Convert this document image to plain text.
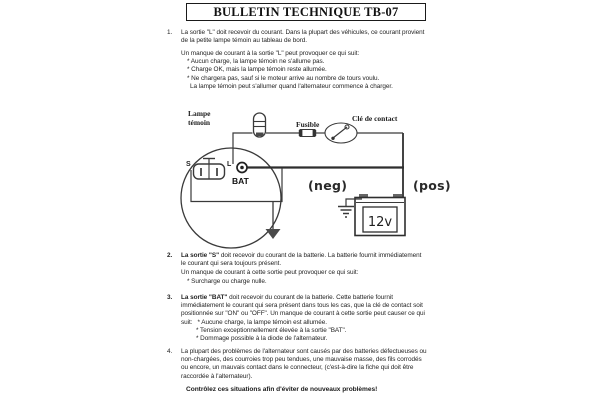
BULLETIN TECHNIQUE TB-07
1. La sortie "L" doit recevoir du courant. Dans la plupart des véhicules, ce courant provient
de la petite lampe témoin au tableau de bord.
Un manque de courant à la sortie "L" peut provoquer ce qui suit:
* Aucun charge, la lampe témoin ne s'allume pas.
* Charge OK, mais la lampe témoin reste allumée.
* Ne chargera pas, sauf si le moteur arrive au nombre de tours voulu.
La lampe témoin peut s'allumer quand l'alternateur commence à charger.
S	L
Lampe
témoin	Fusible
Clé de contact
BAT
12v
(neg)	(pos)
2. La sortie "S" doit recevoir du courant de la batterie. La batterie fournit immédiatement
le courant qui sera toujours présent.
Un manque de courant à cette sortie peut provoquer ce qui suit:
* Surcharge ou charge nulle.
3. La sortie "BAT" doit recevoir du courant de la batterie. Cette batterie fournit
immédiatement le courant qui sera présent dans tous les cas, que la clé de contact soit
positionnée sur "ON" ou "OFF". Un manque de courant à cette sortie peut causer ce qui
suit: * Aucune charge, la lampe témoin est allumée.
* Tension exceptionnellement élevée à la sortie "BAT".
* Dommage possible à la diode de l'alternateur.
4. La plupart des problèmes de l'alternateur sont causés par des batteries défectueuses ou
non-chargées, des courroies trop peu tendues, une mauvaise masse, des fils corrodés
ou encore, un mauvais contact dans le connecteur, (c'est-à-dire la fiche qui doit être
raccordée à l'alternateur).
Contrôlez ces situations afin d'éviter de nouveaux problèmes!
